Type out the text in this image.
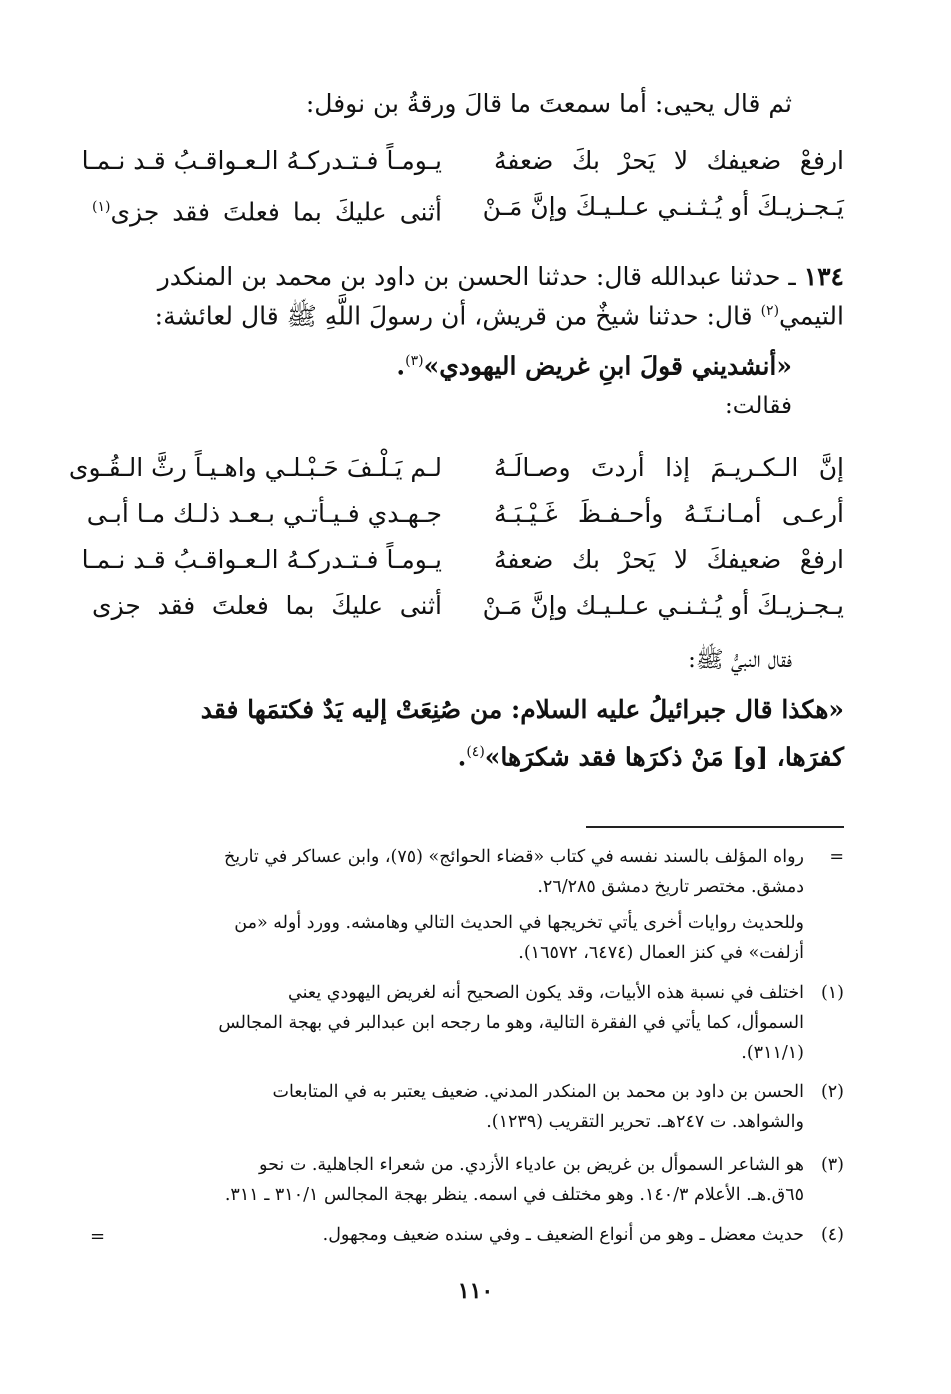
ثم قال يحيى: أما سمعتَ ما قالَ ورقةُ بن نوفل:
ارفعْ ضعيفك لا يَحرْ بكَ ضعفهُ
يـومـاً فـتـدركـهُ الـعـواقـبُ قـد نـمـا
يَـجـزيـكَ أو يُـثـنـي عـلـيـكَ وإنَّ مَـنْ
أثنى عليكَ بما فعلتَ فقد جزى$^{(١)}$
١٣٤ ـ حدثنا عبدالله قال: حدثنا الحسن بن داود بن محمد بن المنكدر
التيمي$^{(٢)}$ قال: حدثنا شيخٌ من قريش، أن رسولَ اللَّهِ ﷺ قال لعائشة:
«أنشديني قولَ ابنِ غريض اليهودي»$^{(٣)}$.
فقالت:
إنَّ الـكـريـمَ إذا أردتَ وصـالَـهُ
لـم يَـلْـفَ حَـبْـلـي واهـيـاً رثَّ الـقُـوى
أرعـى أمـانـتَـهُ وأحـفـظَ غَـيْـبَـهُ
جـهـدي فـيـأتـي بـعـد ذلـك مـا أبـى
ارفعْ ضعيفكَ لا يَحرْ بك ضعفهُ
يـومـاً فـتـدركـهُ الـعـواقـبُ قـد نـمـا
يـجـزيـكَ أو يُـثـنـي عـلـيـك وإنَّ مَـنْ
أثنى عليكَ بما فعلتَ فقد جزى
فقال النبيُّ ﷺ:
«هكذا قال جبرائيلُ عليه السلام: من صُنِعَتْ إليه يَدٌ فكتمَها فقد
كفرَها، [و] مَنْ ذكرَها فقد شكرَها»$^{(٤)}$.
=
رواه المؤلف بالسند نفسه في كتاب «قضاء الحوائج» (٧٥)، وابن عساكر في تاريخ
دمشق. مختصر تاريخ دمشق ٢٦/٢٨٥.
وللحديث روايات أخرى يأتي تخريجها في الحديث التالي وهامشه. وورد أوله «من
أزلفت» في كنز العمال (٦٤٧٤، ١٦٥٧٢).
(١)
اختلف في نسبة هذه الأبيات، وقد يكون الصحيح أنه لغريض اليهودي يعني
السموأل، كما يأتي في الفقرة التالية، وهو ما رجحه ابن عبدالبر في بهجة المجالس
(٣١١/١).
(٢)
الحسن بن داود بن محمد بن المنكدر المدني. ضعيف يعتبر به في المتابعات
والشواهد. ت ٢٤٧هـ. تحرير التقريب (١٢٣٩).
(٣)
هو الشاعر السموأل بن غريض بن عادياء الأزدي. من شعراء الجاهلية. ت نحو
٦٥ق.هـ. الأعلام ١٤٠/٣. وهو مختلف في اسمه. ينظر بهجة المجالس ٣١٠/١ ـ ٣١١.
(٤)
حديث معضل ـ وهو من أنواع الضعيف ـ وفي سنده ضعيف ومجهول.
=
١١٠
